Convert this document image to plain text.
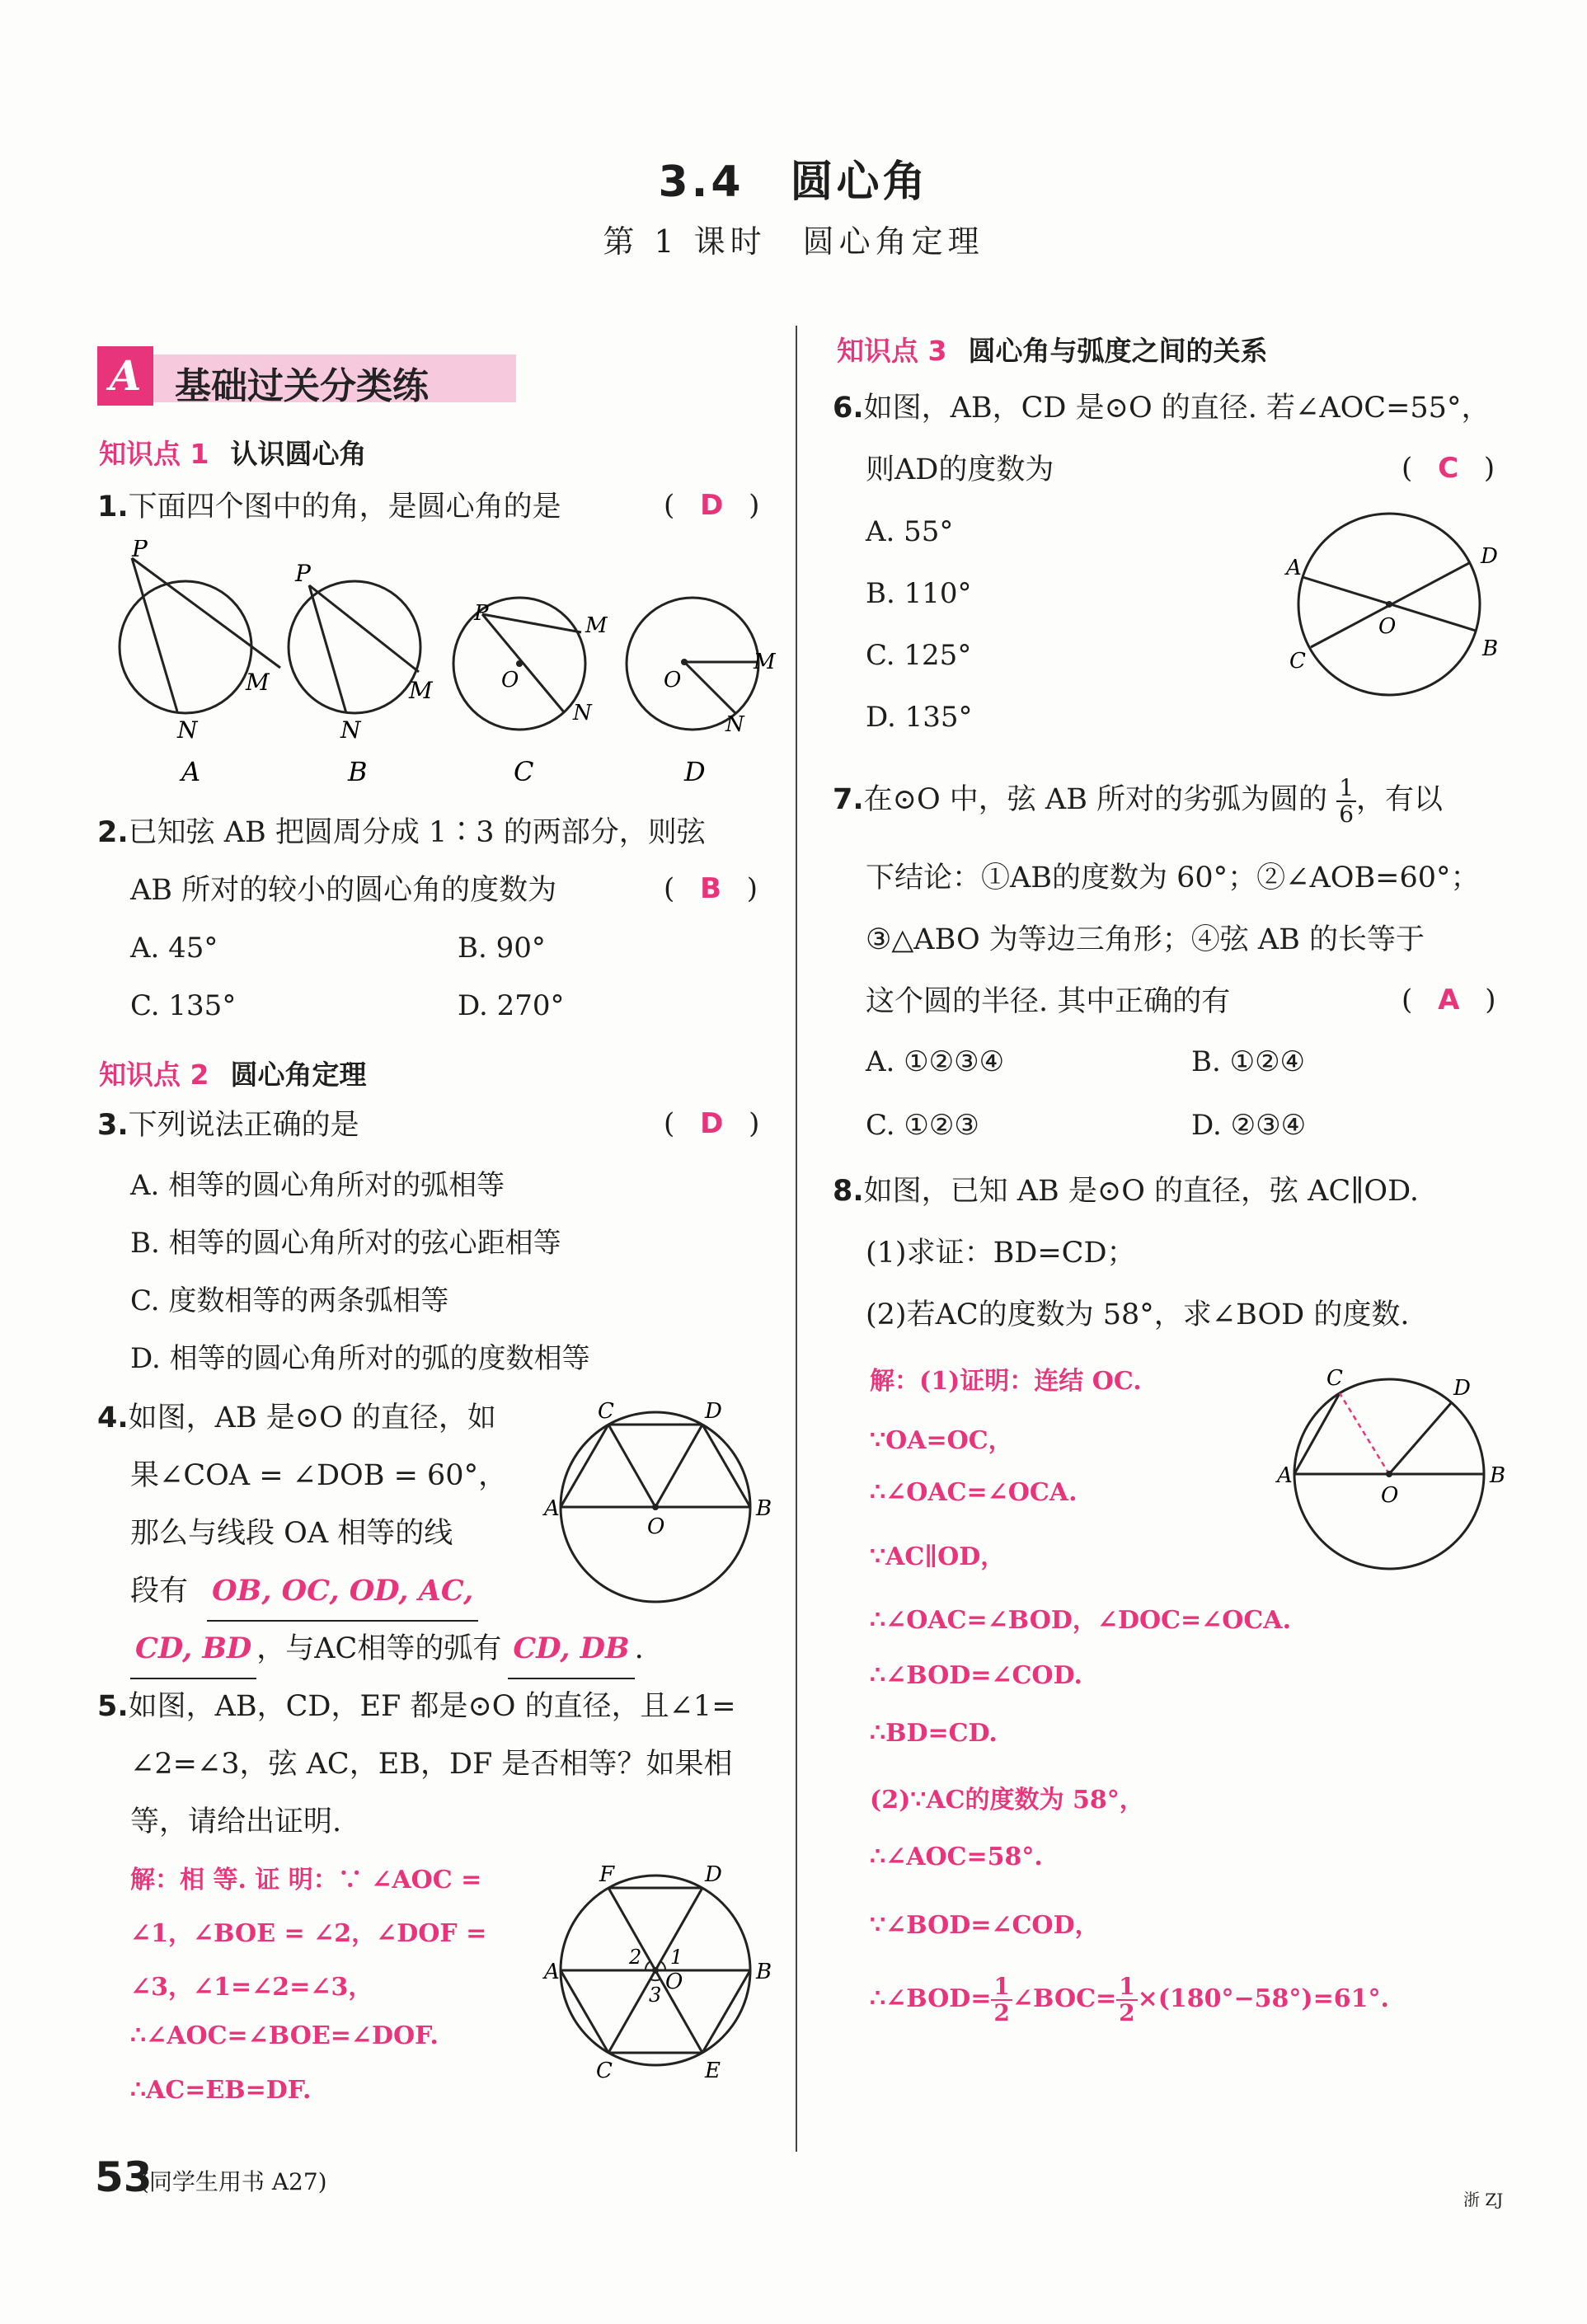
3.4　圆心角
第 1 课时　圆心角定理
A 基础过关分类练
知识点 1 认识圆心角
1.下面四个图中的角，是圆心角的是	( D )
P
M
N
P
M
N
P	M
O
N
O
M
N
A	B	C	D
2.已知弦 AB 把圆周分成 1∶3 的两部分，则弦
AB 所对的较小的圆心角的度数为	( B )
A. 45°	B. 90°
C. 135°	D. 270°
知识点 2 圆心角定理
3.下列说法正确的是	( D )
A. 相等的圆心角所对的弧相等
B. 相等的圆心角所对的弦心距相等
C. 度数相等的两条弧相等
D. 相等的圆心角所对的弧的度数相等
4.如图，AB 是⊙O 的直径，如
果∠COA = ∠DOB = 60°，
那么与线段 OA 相等的线
段有 OB, OC, OD, AC,
CD, BD ，与AC相等的弧有 CD, DB .
C	D
A	B
O
5.如图，AB，CD，EF 都是⊙O 的直径，且∠1=
∠2=∠3，弦 AC，EB，DF 是否相等？如果相
等，请给出证明.
解：相 等. 证 明：∵ ∠AOC =
∠1，∠BOE = ∠2，∠DOF =
∠3，∠1=∠2=∠3，
∴∠AOC=∠BOE=∠DOF.
∴AC=EB=DF.
F	D
A	B
C	E
O
2 1
3
知识点 3 圆心角与弧度之间的关系
6.如图，AB，CD 是⊙O 的直径. 若∠AOC=55°，
则AD的度数为	( C )
A. 55°
B. 110°
C. 125°
D. 135°
A	D
C	B
O
7.在⊙O 中，弦 AB 所对的劣弧为圆的 $\frac{1}{6}$ ，有以
下结论：①AB的度数为 60°；②∠AOB=60°；
③△ABO 为等边三角形；④弦 AB 的长等于
这个圆的半径. 其中正确的有	( A )
A. ①②③④	B. ①②④
C. ①②③	D. ②③④
8.如图，已知 AB 是⊙O 的直径，弦 AC∥OD.
(1)求证：BD=CD；
(2)若AC的度数为 58°，求∠BOD 的度数.
解：(1)证明：连结 OC.
∵OA=OC，
∴∠OAC=∠OCA.
∵AC∥OD，
∴∠OAC=∠BOD，∠DOC=∠OCA.
∴∠BOD=∠COD.
∴BD=CD.
(2)∵AC的度数为 58°，
∴∠AOC=58°.
∵∠BOD=∠COD，
∴∠BOD= $\frac{1}{2}$ ∠BOC= $\frac{1}{2} \times(180^\circ-58^\circ)=61^\circ$.
C	D
A	B
O
53
(同学生用书 A27)
浙 ZJ
